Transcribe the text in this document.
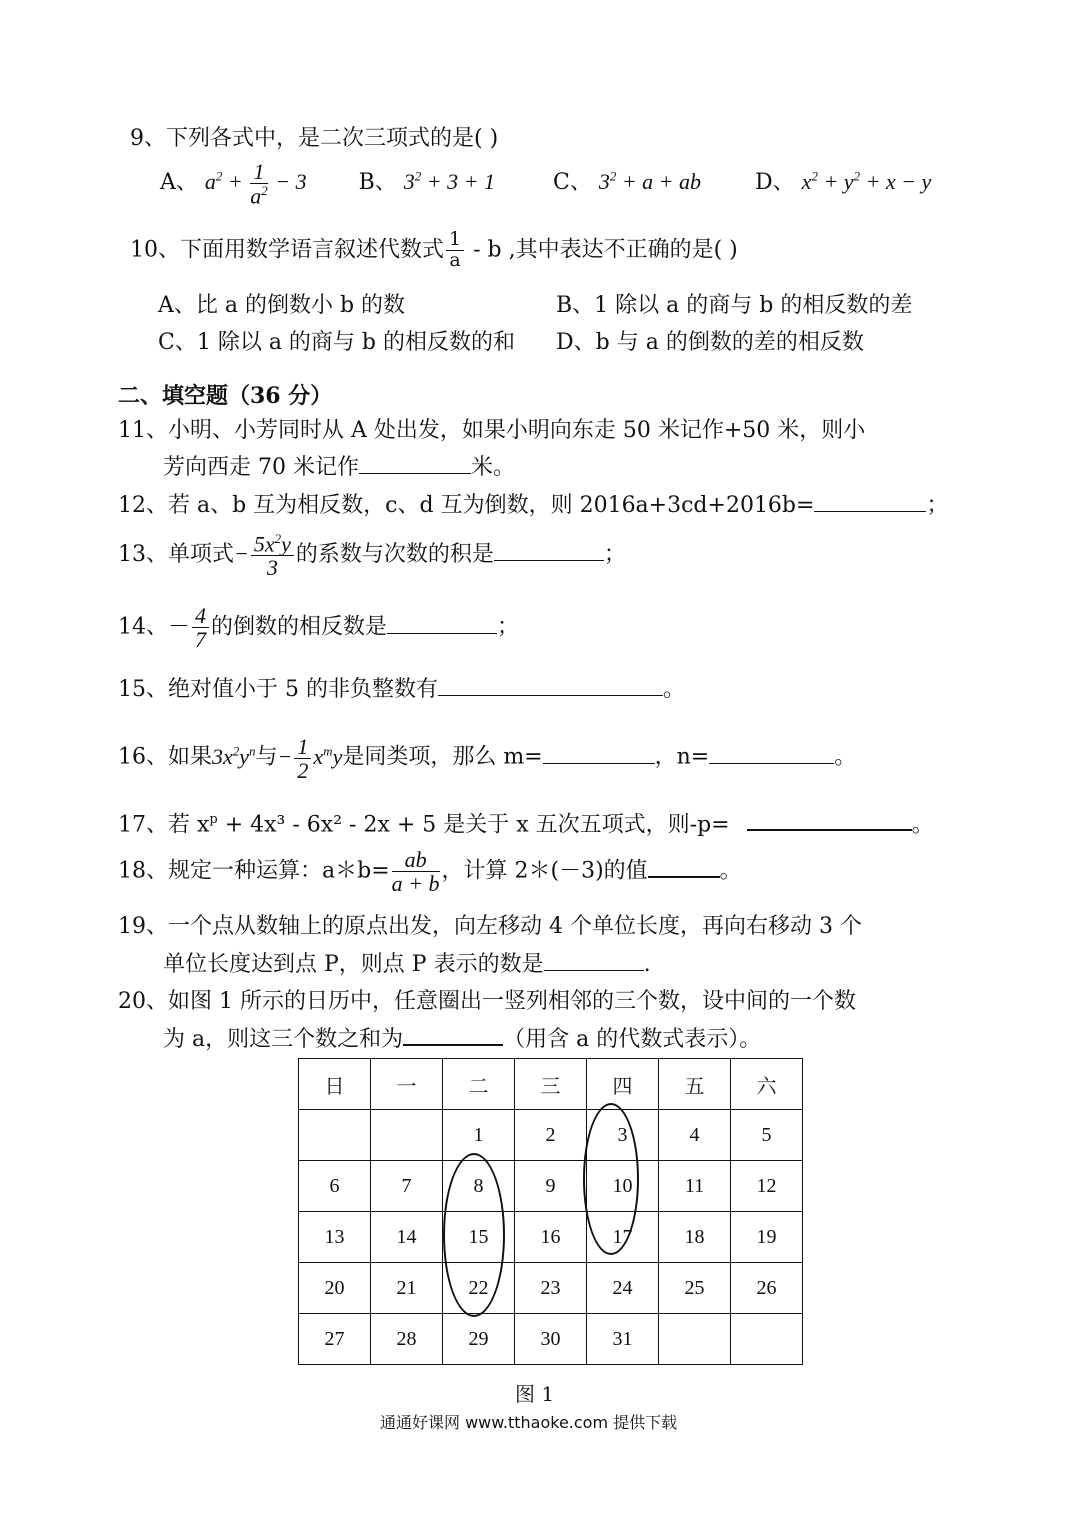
9、下列各式中，是二次三项式的是( )
A、 $a^2 + \frac{1}{a^2} - 3$ B、 $3^2 + 3 + 1$	C、 $3^2 + a$ + ab D、 $x^2 + y^2 + x - y$
10、下面用数学语言叙述代数式 $\frac{1}{a}$ - b ,其中表达不正确的是( )
A、比 a 的倒数小 b 的数	B、1 除以 a 的商与 b 的相反数的差
C、1 除以 a 的商与 b 的相反数的和 D、b 与 a 的倒数的差的相反数
二、填空题（36 分）
11、小明、小芳同时从 A 处出发，如果小明向东走 50 米记作+50 米，则小
芳向西走 70 米记作	米。
12、若 a、b 互为相反数，c、d 互为倒数，则 2016a+3cd+2016b=	；
13、单项式− $\frac{5x^2y}{3}$ 的系数与次数的积是	；
14、－ $\frac{4}{7}$ 的倒数的相反数是	；
15、绝对值小于 5 的非负整数有	。
16、如果$3x^2y^n$与− $\frac{1}{2} x^my$是同类项，那么 m=	，n=	。
17、若 $x^p + 4x^3 - 6x^2 - 2x + 5$ 是关于 x 五次五项式，则-p=	。
18、规定一种运算：a＊b= $\frac{ab}{a + b}$ ，计算 2＊(－3)的值	。
19、一个点从数轴上的原点出发，向左移动 4 个单位长度，再向右移动 3 个
单位长度达到点 P，则点 P 表示的数是	.
20、如图 1 所示的日历中，任意圈出一竖列相邻的三个数，设中间的一个数
为 a，则这三个数之和为	（用含 a 的代数式表示）。
日	一	二	三	四	五	六
		1	2	3	4	5
6	7	8	9	10	11	12
13	14	15	16	17	18	19
20	21	22	23	24	25	26
27	28	29	30	31		
图 1
通通好课网 www.tthaoke.com 提供下载
